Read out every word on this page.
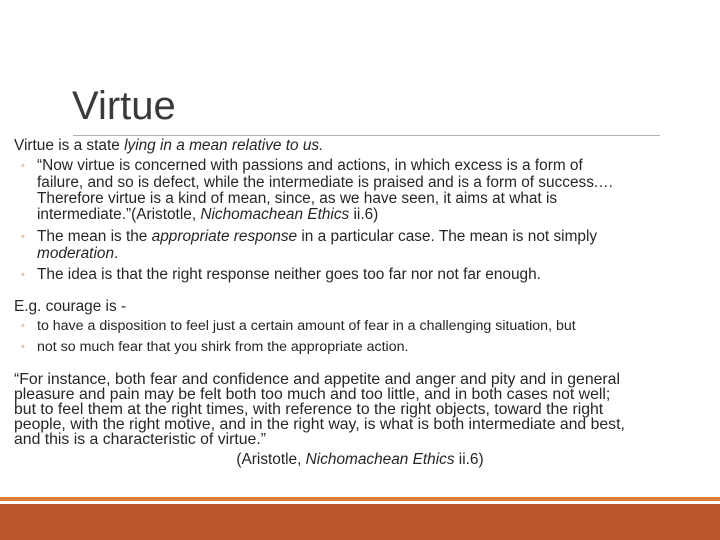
Virtue

Virtue is a state lying in a mean relative to us.

◦ “Now virtue is concerned with passions and actions, in which excess is a form of

failure, and so is defect, while the intermediate is praised and is a form of success.…

Therefore virtue is a kind of mean, since, as we have seen, it aims at what is

intermediate.”(Aristotle, Nichomachean Ethics ii.6)

◦ The mean is the appropriate response in a particular case. The mean is not simply

moderation.

◦ The idea is that the right response neither goes too far nor not far enough.

E.g. courage is -

◦ to have a disposition to feel just a certain amount of fear in a challenging situation, but

◦ not so much fear that you shirk from the appropriate action.

“For instance, both fear and confidence and appetite and anger and pity and in general

pleasure and pain may be felt both too much and too little, and in both cases not well;

but to feel them at the right times, with reference to the right objects, toward the right

people, with the right motive, and in the right way, is what is both intermediate and best,

and this is a characteristic of virtue.”

(Aristotle, Nichomachean Ethics ii.6)
